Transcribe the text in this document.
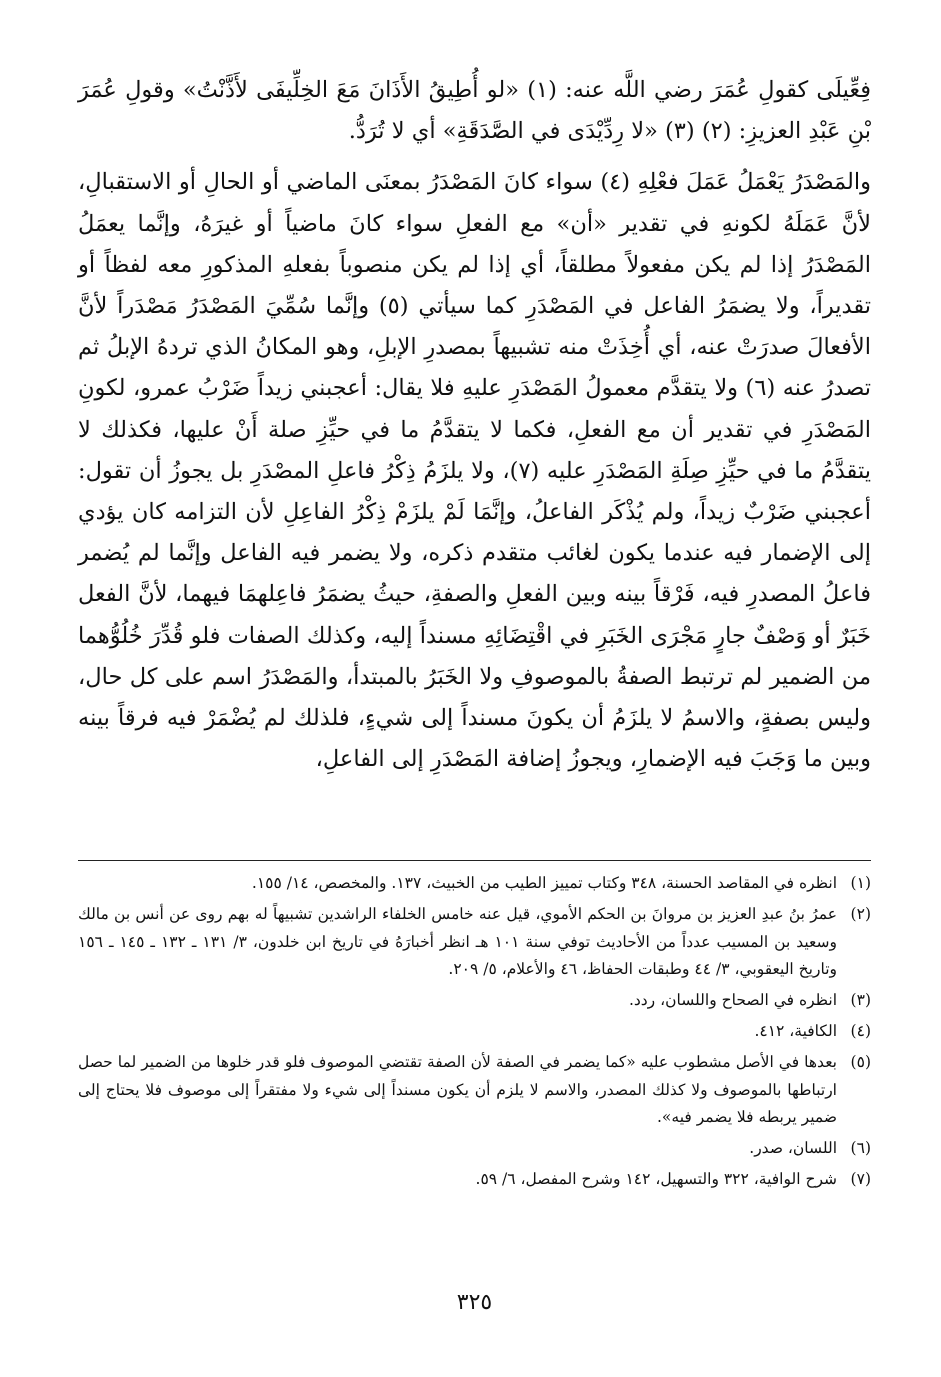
فِعِّيلَى كقولِ عُمَرَ رضي اللَّه عنه: (١) «لو أُطِيقُ الأَذَانَ مَعَ الخِلِّيفَى لأَذَّنْتُ» وقولِ عُمَرَ بْنِ عَبْدِ العزيزِ: (٢) (٣) «لا رِدِّيْدَى في الصَّدَقَةِ» أي لا تُرَدُّ.

والمَصْدَرُ يَعْمَلُ عَمَلَ فعْلِهِ (٤) سواء كانَ المَصْدَرُ بمعنَى الماضي أو الحالِ أو الاستقبالِ، لأنَّ عَمَلَهُ لكونهِ في تقدير «أن» مع الفعلِ سواء كانَ ماضياً أو غيرَهُ، وإنَّما يعمَلُ المَصْدَرُ إذا لم يكن مفعولاً مطلقاً، أي إذا لم يكن منصوباً بفعلهِ المذكورِ معه لفظاً أو تقديراً، ولا يضمَرُ الفاعل في المَصْدَرِ كما سيأتي (٥) وإنَّما سُمِّيَ المَصْدَرُ مَصْدَراً لأنَّ الأفعالَ صدرَتْ عنه، أي أُخِذَتْ منه تشبيهاً بمصدرِ الإبلِ، وهو المكانُ الذي تردهُ الإبلُ ثم تصدرُ عنه (٦) ولا يتقدَّم معمولُ المَصْدَرِ عليهِ فلا يقال: أعجبني زيداً ضَرْبُ عمرو، لكونِ المَصْدَرِ في تقدير أن مع الفعلِ، فكما لا يتقدَّمُ ما في حيِّزِ صلة أَنْ عليها، فكذلك لا يتقدَّمُ ما في حيِّزِ صِلَةِ المَصْدَرِ عليه (٧)، ولا يلزَمُ ذِكْرُ فاعلِ المصْدَرِ بل يجوزُ أن تقول: أعجبني ضَرْبٌ زيداً، ولم يُذْكَر الفاعلُ، وإنَّمَا لَمْ يلزَمْ ذِكْرُ الفاعِلِ لأن التزامه كان يؤدي إلى الإضمار فيه عندما يكون لغائب متقدم ذكره، ولا يضمر فيه الفاعل وإنَّما لم يُضمر فاعلُ المصدرِ فيه، فَرْقاً بينه وبين الفعلِ والصفةِ، حيثُ يضمَرُ فاعِلهمَا فيهما، لأنَّ الفعل خَبَرٌ أو وَصْفٌ جارٍ مَجْرَى الخَبَرِ في اقْتِضَائِهِ مسنداً إليه، وكذلك الصفات فلو قُدِّرَ خُلُوُّهما من الضمير لم ترتبط الصفةُ بالموصوفِ ولا الخَبَرُ بالمبتدأ، والمَصْدَرُ اسم على كل حال، وليس بصفةٍ، والاسمُ لا يلزَمُ أن يكونَ مسنداً إلى شيءٍ، فلذلك لم يُضْمَرْ فيه فرقاً بينه وبين ما وَجَبَ فيه الإضمارِ، ويجوزُ إضافة المَصْدَرِ إلى الفاعلِ،

(١)
انظره في المقاصد الحسنة، ٣٤٨ وكتاب تمييز الطيب من الخبيث، ١٣٧. والمخصص، ١٤/ ١٥٥.
(٢)
عمرُ بنُ عبدِ العزيز بن مروانَ بن الحكم الأموي، قيل عنه خامس الخلفاء الراشدين تشبيهاً له بهم روى عن أنس بن مالك وسعيد بن المسيب عدداً من الأحاديث توفي سنة ١٠١ هـ انظر أخبارَهُ في تاريخ ابن خلدون، ٣/ ١٣١ ـ ١٣٢ ـ ١٤٥ ـ ١٥٦ وتاريخ اليعقوبي، ٣/ ٤٤ وطبقات الحفاظ، ٤٦ والأعلام، ٥/ ٢٠٩.
(٣)
انظره في الصحاح واللسان، ردد.
(٤)
الكافية، ٤١٢.
(٥)
بعدها في الأصل مشطوب عليه «كما يضمر في الصفة لأن الصفة تقتضي الموصوف فلو قدر خلوها من الضمير لما حصل ارتباطها بالموصوف ولا كذلك المصدر، والاسم لا يلزم أن يكون مسنداً إلى شيء ولا مفتقراً إلى موصوف فلا يحتاج إلى ضمير يربطه فلا يضمر فيه».
(٦)
اللسان، صدر.
(٧)
شرح الوافية، ٣٢٢ والتسهيل، ١٤٢ وشرح المفصل، ٦/ ٥٩.
٣٢٥
